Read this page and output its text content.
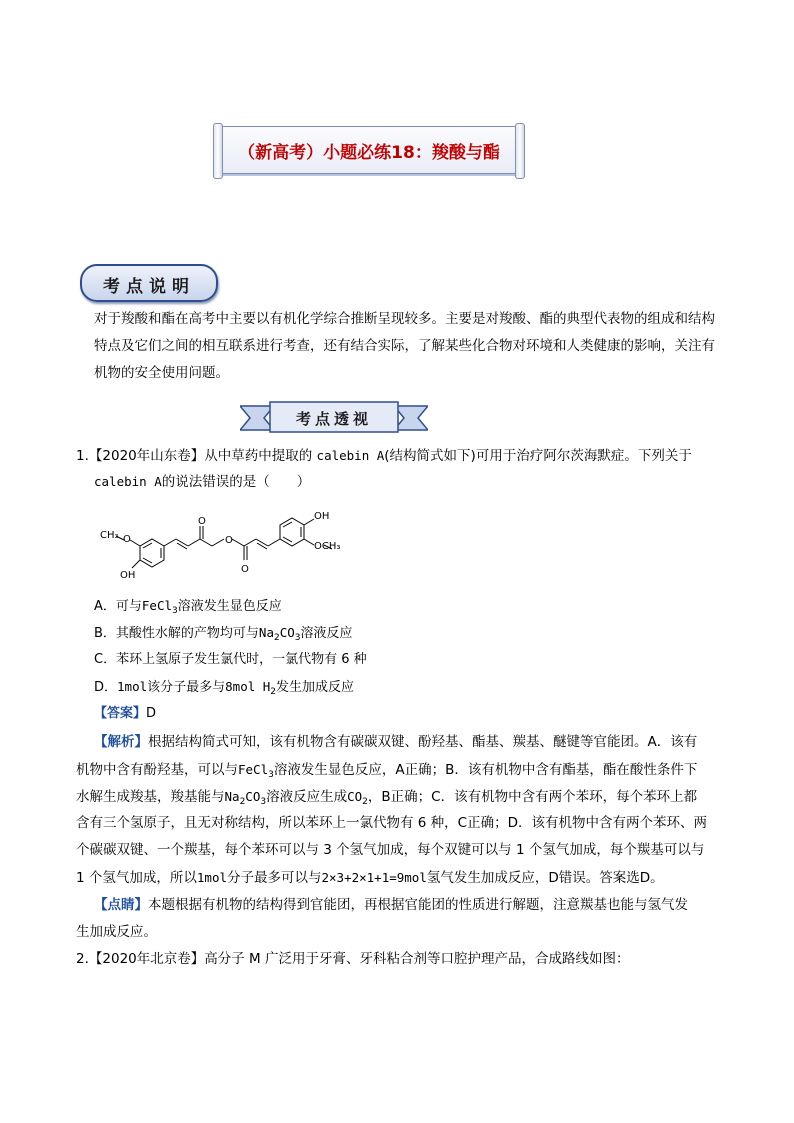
（新高考）小题必练18：羧酸与酯
考点说明
对于羧酸和酯在高考中主要以有机化学综合推断呈现较多。主要是对羧酸、酯的典型代表物的组成和结构特点及它们之间的相互联系进行考查，还有结合实际，了解某些化合物对环境和人类健康的影响，关注有机物的安全使用问题。
考点透视
1.【2020年山东卷】从中草药中提取的 calebin A(结构简式如下)可用于治疗阿尔茨海默症。下列关于
calebin A的说法错误的是（　　）
CH₃ O
OH
O
O
O
OH
OCH₃
A．可与FeCl$_3$溶液发生显色反应
B．其酸性水解的产物均可与$Na_2CO_3$溶液反应
C．苯环上氢原子发生氯代时，一氯代物有 6 种
D．1mol该分子最多与8mol $H_2$发生加成反应
【答案】D
【解析】根据结构简式可知，该有机物含有碳碳双键、酚羟基、酯基、羰基、醚键等官能团。A．该有
机物中含有酚羟基，可以与FeCl$_3$溶液发生显色反应，A正确；B．该有机物中含有酯基，酯在酸性条件下
水解生成羧基，羧基能与$Na_2CO_3$溶液反应生成$CO_2$，B正确；C．该有机物中含有两个苯环，每个苯环上都
含有三个氢原子，且无对称结构，所以苯环上一氯代物有 6 种，C正确；D．该有机物中含有两个苯环、两
个碳碳双键、一个羰基，每个苯环可以与 3 个氢气加成，每个双键可以与 1 个氢气加成，每个羰基可以与
1 个氢气加成，所以1mol分子最多可以与2×3+2×1+1=9mol氢气发生加成反应，D错误。答案选D。
【点睛】本题根据有机物的结构得到官能团，再根据官能团的性质进行解题，注意羰基也能与氢气发
生加成反应。
2.【2020年北京卷】高分子 M 广泛用于牙膏、牙科粘合剂等口腔护理产品，合成路线如图：
